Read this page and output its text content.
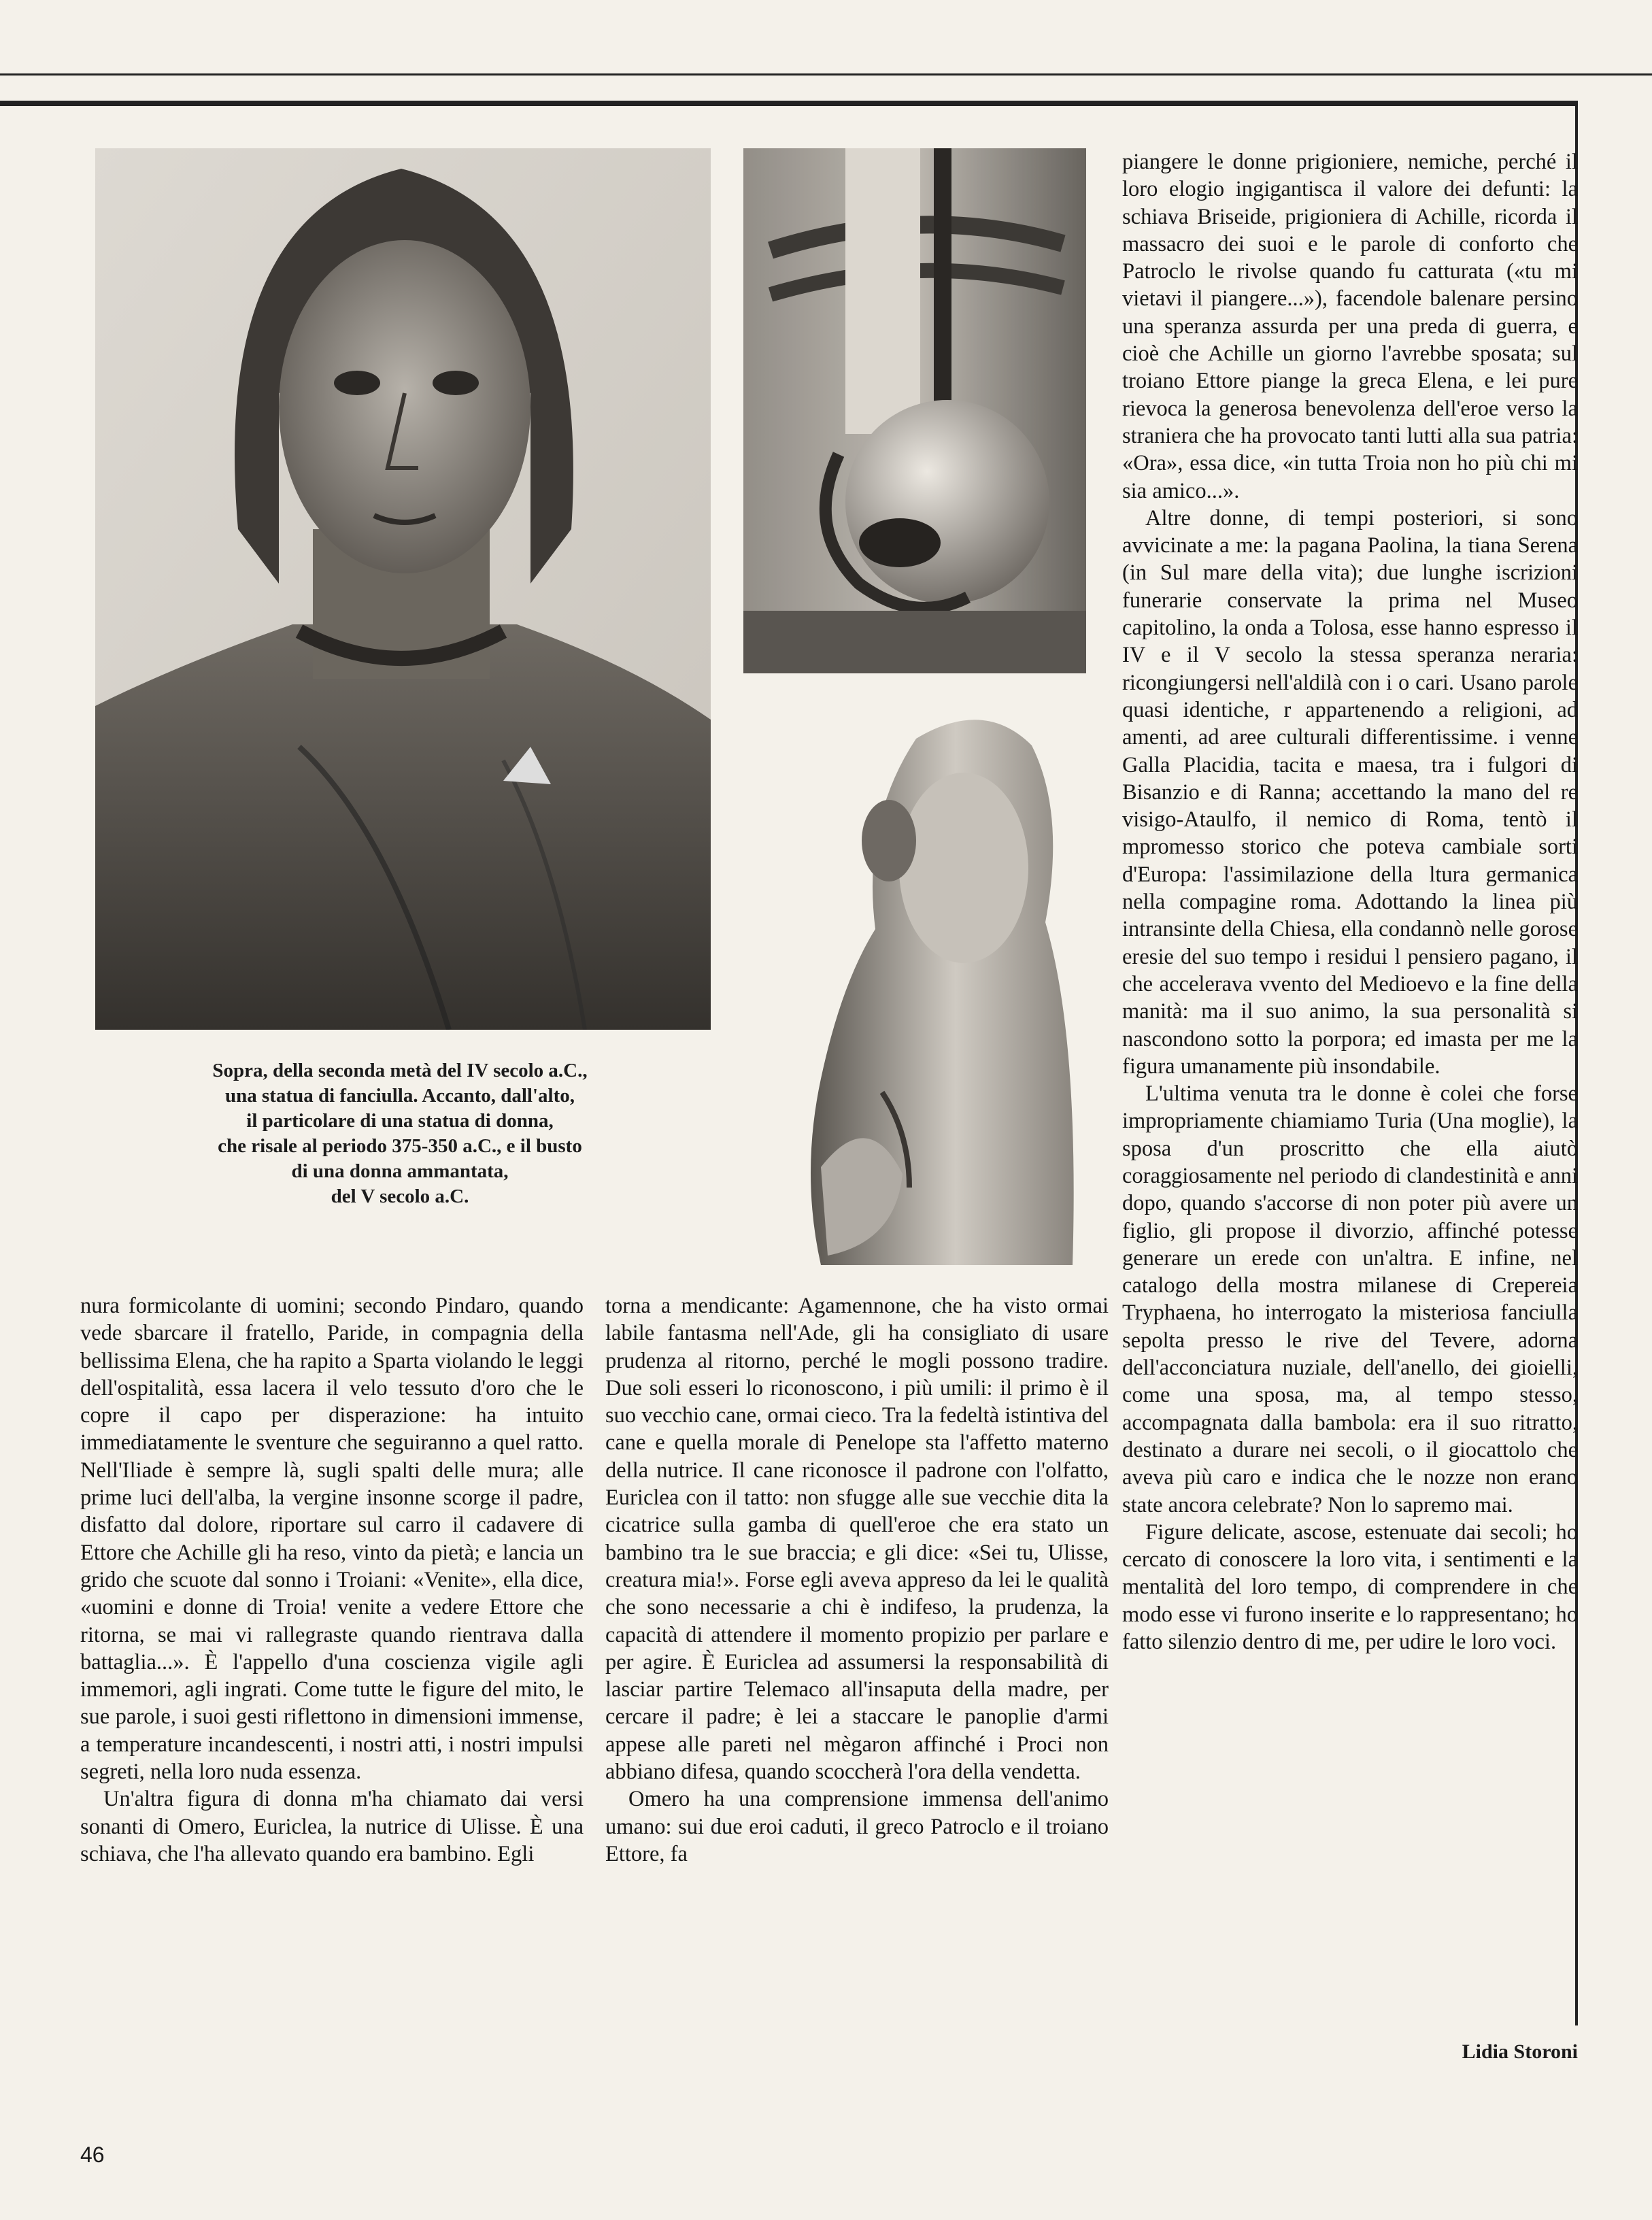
Sopra, della seconda metà del IV secolo a.C.,
una statua di fanciulla. Accanto, dall'alto,
il particolare di una statua di donna,
che risale al periodo 375-350 a.C., e il busto
di una donna ammantata,
del V secolo a.C.

nura formicolante di uomini; secondo Pindaro, quando vede sbarcare il fratello, Paride, in compagnia della bellissima Elena, che ha rapito a Sparta violando le leggi dell'ospitalità, essa lacera il velo tessuto d'oro che le copre il capo per disperazione: ha intuito immediatamente le sventure che seguiranno a quel ratto. Nell'Iliade è sempre là, sugli spalti delle mura; alle prime luci dell'alba, la vergine insonne scorge il padre, disfatto dal dolore, riportare sul carro il cadavere di Ettore che Achille gli ha reso, vinto da pietà; e lancia un grido che scuote dal sonno i Troiani: «Venite», ella dice, «uomini e donne di Troia! venite a vedere Ettore che ritorna, se mai vi rallegraste quando rientrava dalla battaglia...». È l'appello d'una coscienza vigile agli immemori, agli ingrati. Come tutte le figure del mito, le sue parole, i suoi gesti riflettono in dimensioni immense, a temperature incandescenti, i nostri atti, i nostri impulsi segreti, nella loro nuda essenza.

Un'altra figura di donna m'ha chiamato dai versi sonanti di Omero, Euriclea, la nutrice di Ulisse. È una schiava, che l'ha allevato quando era bambino. Egli

torna a mendicante: Agamennone, che ha visto ormai labile fantasma nell'Ade, gli ha consigliato di usare prudenza al ritorno, perché le mogli possono tradire. Due soli esseri lo riconoscono, i più umili: il primo è il suo vecchio cane, ormai cieco. Tra la fedeltà istintiva del cane e quella morale di Penelope sta l'affetto materno della nutrice. Il cane riconosce il padrone con l'olfatto, Euriclea con il tatto: non sfugge alle sue vecchie dita la cicatrice sulla gamba di quell'eroe che era stato un bambino tra le sue braccia; e gli dice: «Sei tu, Ulisse, creatura mia!». Forse egli aveva appreso da lei le qualità che sono necessarie a chi è indifeso, la prudenza, la capacità di attendere il momento propizio per parlare e per agire. È Euriclea ad assumersi la responsabilità di lasciar partire Telemaco all'insaputa della madre, per cercare il padre; è lei a staccare le panoplie d'armi appese alle pareti nel mègaron affinché i Proci non abbiano difesa, quando scoccherà l'ora della vendetta.

Omero ha una comprensione immensa dell'animo umano: sui due eroi caduti, il greco Patroclo e il troiano Ettore, fa

piangere le donne prigioniere, nemiche, perché il loro elogio ingigantisca il valore dei defunti: la schiava Briseide, prigioniera di Achille, ricorda il massacro dei suoi e le parole di conforto che Patroclo le rivolse quando fu catturata («tu mi vietavi il piangere...»), facendole balenare persino una speranza assurda per una preda di guerra, e cioè che Achille un giorno l'avrebbe sposata; sul troiano Ettore piange la greca Elena, e lei pure rievoca la generosa benevolenza dell'eroe verso la straniera che ha provocato tanti lutti alla sua patria: «Ora», essa dice, «in tutta Troia non ho più chi mi sia amico...».

Altre donne, di tempi posteriori, si sono avvicinate a me: la pagana Paolina, la tiana Serena (in Sul mare della vita); due lunghe iscrizioni funerarie conservate la prima nel Museo capitolino, la onda a Tolosa, esse hanno espresso il IV e il V secolo la stessa speranza neraria: ricongiungersi nell'aldilà con i o cari. Usano parole quasi identiche, r appartenendo a religioni, ad amenti, ad aree culturali differentissime. i venne Galla Placidia, tacita e maesa, tra i fulgori di Bisanzio e di Ranna; accettando la mano del re visigo-Ataulfo, il nemico di Roma, tentò il mpromesso storico che poteva cambiale sorti d'Europa: l'assimilazione della ltura germanica nella compagine roma. Adottando la linea più intransinte della Chiesa, ella condannò nelle gorose eresie del suo tempo i residui l pensiero pagano, il che accelerava vvento del Medioevo e la fine della manità: ma il suo animo, la sua personalità si nascondono sotto la porpora; ed imasta per me la figura umanamente più insondabile.

L'ultima venuta tra le donne è colei che forse impropriamente chiamiamo Turia (Una moglie), la sposa d'un proscritto che ella aiutò coraggiosamente nel periodo di clandestinità e anni dopo, quando s'accorse di non poter più avere un figlio, gli propose il divorzio, affinché potesse generare un erede con un'altra. E infine, nel catalogo della mostra milanese di Crepereia Tryphaena, ho interrogato la misteriosa fanciulla sepolta presso le rive del Tevere, adorna dell'acconciatura nuziale, dell'anello, dei gioielli, come una sposa, ma, al tempo stesso, accompagnata dalla bambola: era il suo ritratto, destinato a durare nei secoli, o il giocattolo che aveva più caro e indica che le nozze non erano state ancora celebrate? Non lo sapremo mai.

Figure delicate, ascose, estenuate dai secoli; ho cercato di conoscere la loro vita, i sentimenti e la mentalità del loro tempo, di comprendere in che modo esse vi furono inserite e lo rappresentano; ho fatto silenzio dentro di me, per udire le loro voci.

Lidia Storoni
46
